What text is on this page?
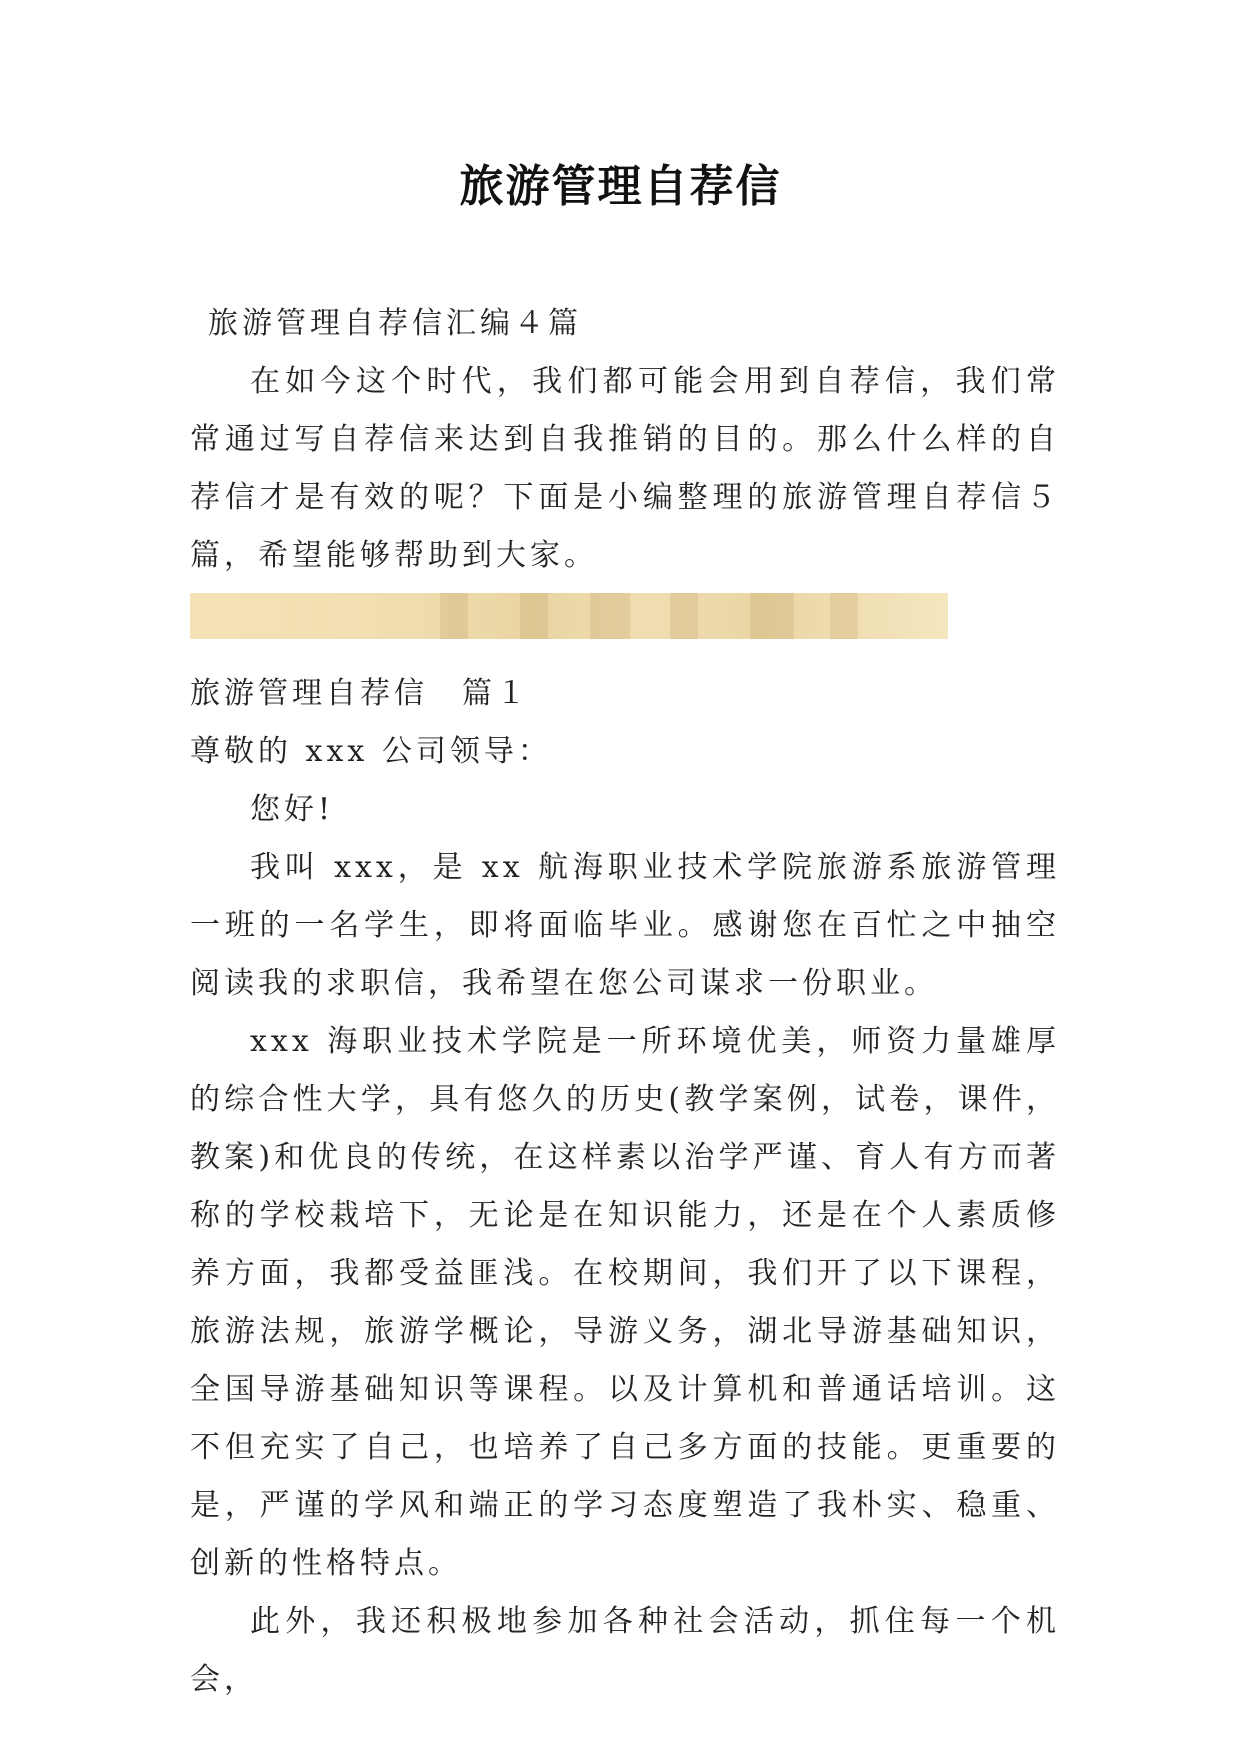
旅游管理自荐信

旅游管理自荐信汇编４篇

在如今这个时代，我们都可能会用到自荐信，我们常常通过写自荐信来达到自我推销的目的。那么什么样的自荐信才是有效的呢？下面是小编整理的旅游管理自荐信５篇，希望能够帮助到大家。

旅游管理自荐信　篇１

尊敬的 xxx 公司领导：

您好!

我叫 xxx，是 xx 航海职业技术学院旅游系旅游管理一班的一名学生，即将面临毕业。感谢您在百忙之中抽空阅读我的求职信，我希望在您公司谋求一份职业。

xxx 海职业技术学院是一所环境优美，师资力量雄厚的综合性大学，具有悠久的历史(教学案例，试卷，课件，教案)和优良的传统，在这样素以治学严谨、育人有方而著称的学校栽培下，无论是在知识能力，还是在个人素质修养方面，我都受益匪浅。在校期间，我们开了以下课程，旅游法规，旅游学概论，导游义务，湖北导游基础知识，全国导游基础知识等课程。以及计算机和普通话培训。这不但充实了自己，也培养了自己多方面的技能。更重要的是，严谨的学风和端正的学习态度塑造了我朴实、稳重、创新的性格特点。

此外，我还积极地参加各种社会活动，抓住每一个机会，
